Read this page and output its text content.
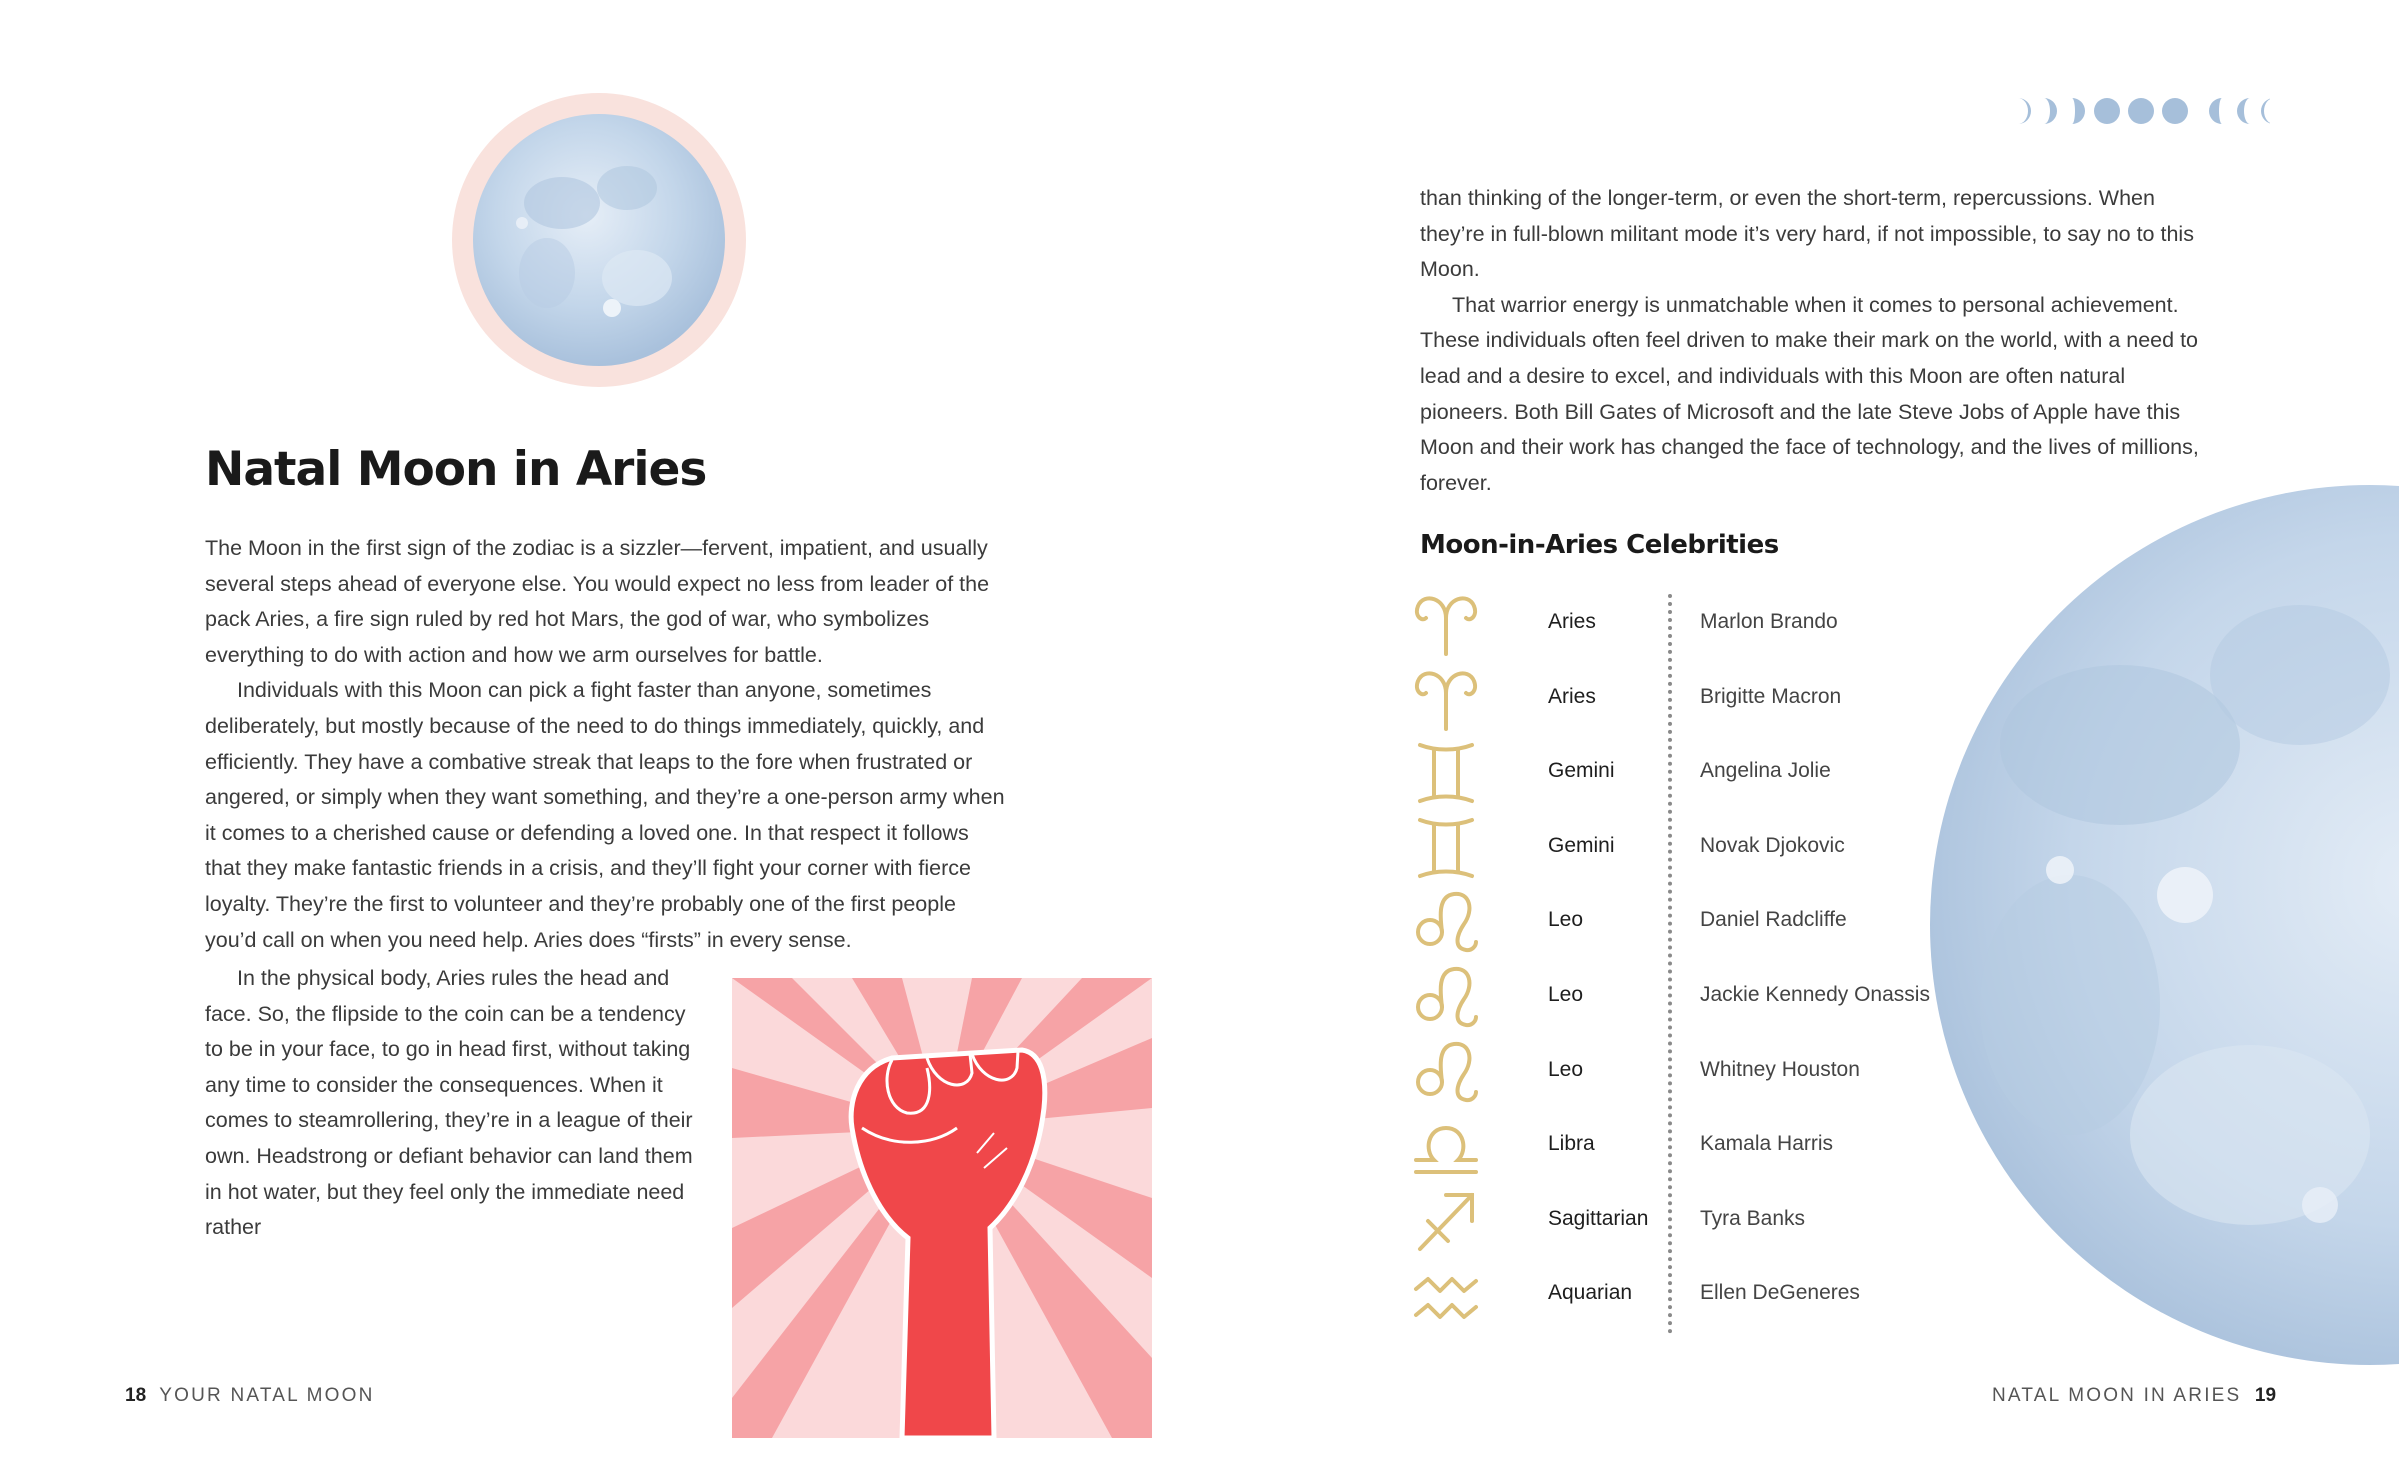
Natal Moon in Aries

The Moon in the first sign of the zodiac is a sizzler—fervent, impatient, and usually several steps ahead of everyone else. You would expect no less from leader of the pack Aries, a fire sign ruled by red hot Mars, the god of war, who symbolizes everything to do with action and how we arm ourselves for battle.

Individuals with this Moon can pick a fight faster than anyone, sometimes deliberately, but mostly because of the need to do things immediately, quickly, and efficiently. They have a combative streak that leaps to the fore when frustrated or angered, or simply when they want something, and they’re a one-person army when it comes to a cherished cause or defending a loved one. In that respect it follows that they make fantastic friends in a crisis, and they’ll fight your corner with fierce loyalty. They’re the first to volunteer and they’re probably one of the first people you’d call on when you need help. Aries does “firsts” in every sense.

In the physical body, Aries rules the head and face. So, the flipside to the coin can be a tendency to be in your face, to go in head first, without taking any time to consider the consequences. When it comes to steamrollering, they’re in a league of their own. Headstrong or defiant behavior can land them in hot water, but they feel only the immediate need rather

18 YOUR NATAL MOON

than thinking of the longer-term, or even the short-term, repercussions. When they’re in full-blown militant mode it’s very hard, if not impossible, to say no to this Moon.

That warrior energy is unmatchable when it comes to personal achievement. These individuals often feel driven to make their mark on the world, with a need to lead and a desire to excel, and individuals with this Moon are often natural pioneers. Both Bill Gates of Microsoft and the late Steve Jobs of Apple have this Moon and their work has changed the face of technology, and the lives of millions, forever.

Moon-in-Aries Celebrities
Aries	Marlon Brando
Aries	Brigitte Macron
Gemini	Angelina Jolie
Gemini	Novak Djokovic
Leo	Daniel Radcliffe
Leo	Jackie Kennedy Onassis
Leo	Whitney Houston
Libra	Kamala Harris
Sagittarian Tyra Banks
Aquarian	Ellen DeGeneres
NATAL MOON IN ARIES 19
